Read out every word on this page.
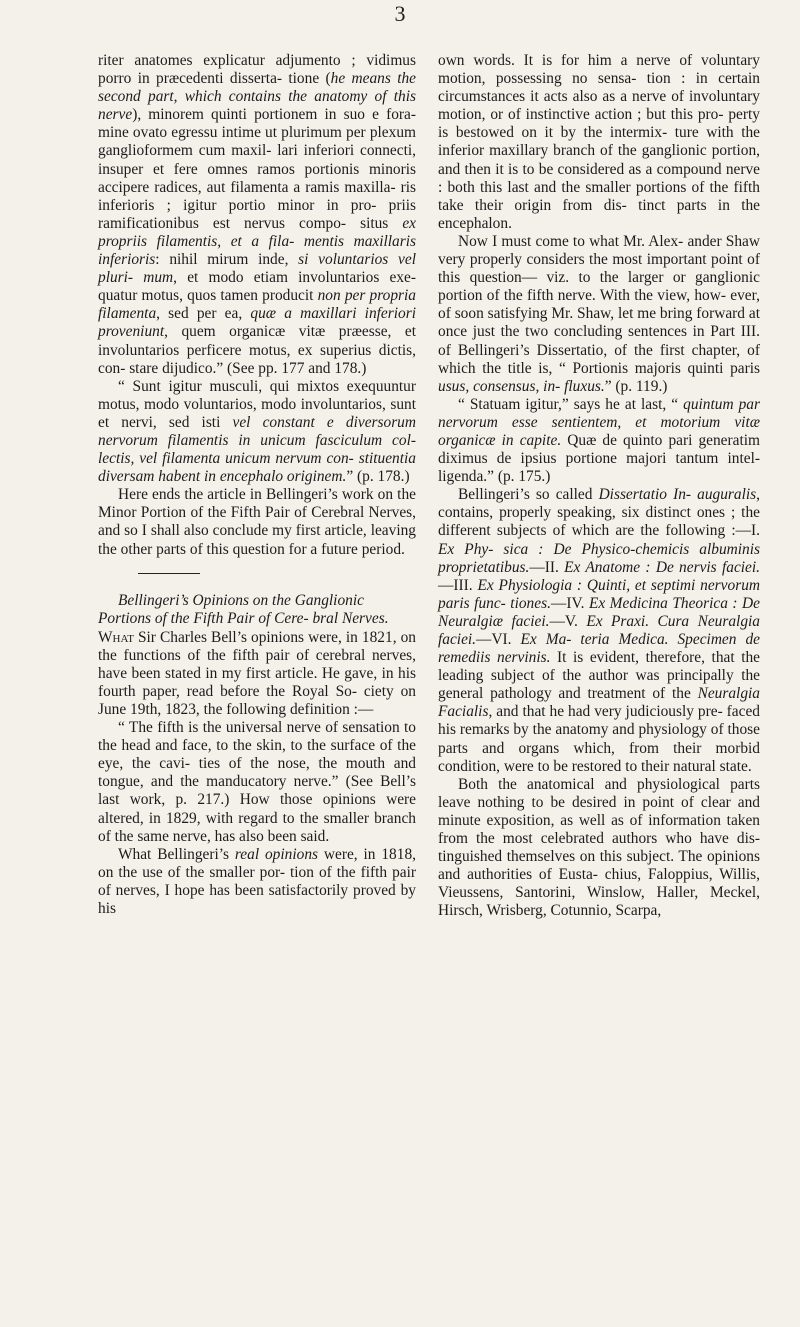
3

riter anatomes explicatur adjumento ; vidimus porro in præcedenti disserta- tione (he means the second part, which contains the anatomy of this nerve), minorem quinti portionem in suo e fora- mine ovato egressu intime ut plurimum per plexum ganglioformem cum maxil- lari inferiori connecti, insuper et fere omnes ramos portionis minoris accipere radices, aut filamenta a ramis maxilla- ris inferioris ; igitur portio minor in pro- priis ramificationibus est nervus compo- situs ex propriis filamentis, et a fila- mentis maxillaris inferioris: nihil mirum inde, si voluntarios vel pluri- mum, et modo etiam involuntarios exe- quatur motus, quos tamen producit non per propria filamenta, sed per ea, quæ a maxillari inferiori proveniunt, quem organicæ vitæ præesse, et involuntarios perficere motus, ex superius dictis, con- stare dijudico.” (See pp. 177 and 178.)

“ Sunt igitur musculi, qui mixtos exequuntur motus, modo voluntarios, modo involuntarios, sunt et nervi, sed isti vel constant e diversorum nervorum filamentis in unicum fasciculum col- lectis, vel filamenta unicum nervum con- stituentia diversam habent in encephalo originem.” (p. 178.)

Here ends the article in Bellingeri’s work on the Minor Portion of the Fifth Pair of Cerebral Nerves, and so I shall also conclude my first article, leaving the other parts of this question for a future period.

Bellingeri’s Opinions on the Ganglionic Portions of the Fifth Pair of Cere- bral Nerves.

What Sir Charles Bell’s opinions were, in 1821, on the functions of the fifth pair of cerebral nerves, have been stated in my first article. He gave, in his fourth paper, read before the Royal So- ciety on June 19th, 1823, the following definition :—

“ The fifth is the universal nerve of sensation to the head and face, to the skin, to the surface of the eye, the cavi- ties of the nose, the mouth and tongue, and the manducatory nerve.” (See Bell’s last work, p. 217.) How those opinions were altered, in 1829, with regard to the smaller branch of the same nerve, has also been said.

What Bellingeri’s real opinions were, in 1818, on the use of the smaller por- tion of the fifth pair of nerves, I hope has been satisfactorily proved by his

own words. It is for him a nerve of voluntary motion, possessing no sensa- tion : in certain circumstances it acts also as a nerve of involuntary motion, or of instinctive action ; but this pro- perty is bestowed on it by the intermix- ture with the inferior maxillary branch of the ganglionic portion, and then it is to be considered as a compound nerve : both this last and the smaller portions of the fifth take their origin from dis- tinct parts in the encephalon.

Now I must come to what Mr. Alex- ander Shaw very properly considers the most important point of this question— viz. to the larger or ganglionic portion of the fifth nerve. With the view, how- ever, of soon satisfying Mr. Shaw, let me bring forward at once just the two concluding sentences in Part III. of Bellingeri’s Dissertatio, of the first chapter, of which the title is, “ Portionis majoris quinti paris usus, consensus, in- fluxus.” (p. 119.)

“ Statuam igitur,” says he at last, “ quintum par nervorum esse sentientem, et motorium vitæ organicæ in capite. Quæ de quinto pari generatim diximus de ipsius portione majori tantum intel- ligenda.” (p. 175.)

Bellingeri’s so called Dissertatio In- auguralis, contains, properly speaking, six distinct ones ; the different subjects of which are the following :—I. Ex Phy- sica : De Physico-chemicis albuminis proprietatibus.—II. Ex Anatome : De nervis faciei.—III. Ex Physiologia : Quinti, et septimi nervorum paris func- tiones.—IV. Ex Medicina Theorica : De Neuralgiæ faciei.—V. Ex Praxi. Cura Neuralgia faciei.—VI. Ex Ma- teria Medica. Specimen de remediis nervinis. It is evident, therefore, that the leading subject of the author was principally the general pathology and treatment of the Neuralgia Facialis, and that he had very judiciously pre- faced his remarks by the anatomy and physiology of those parts and organs which, from their morbid condition, were to be restored to their natural state.

Both the anatomical and physiological parts leave nothing to be desired in point of clear and minute exposition, as well as of information taken from the most celebrated authors who have dis- tinguished themselves on this subject. The opinions and authorities of Eusta- chius, Faloppius, Willis, Vieussens, Santorini, Winslow, Haller, Meckel, Hirsch, Wrisberg, Cotunnio, Scarpa,
